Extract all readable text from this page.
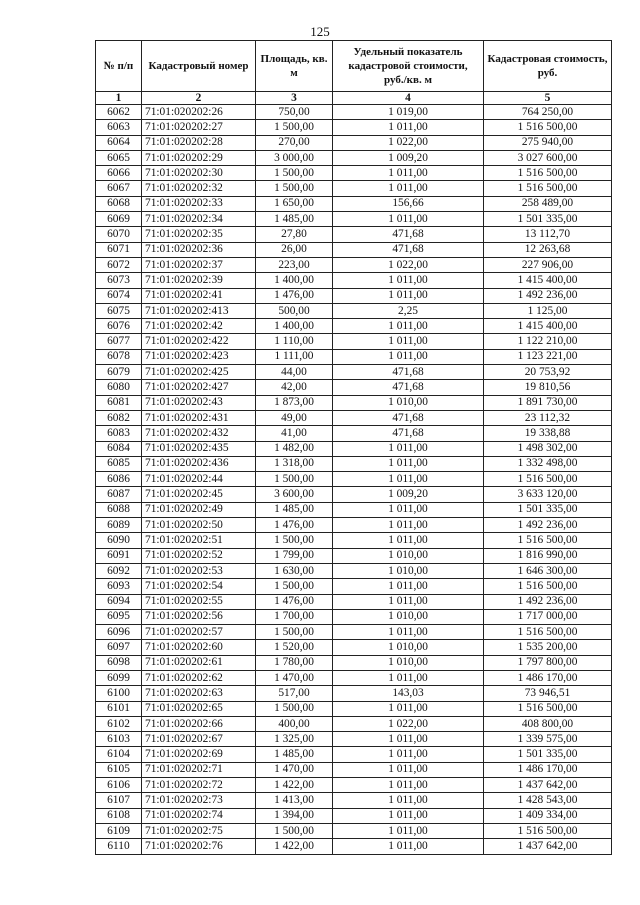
125
№ п/п	Кадастровый номер	Площадь, кв. м	Удельный показатель кадастровой стоимости, руб./кв. м	Кадастровая стоимость, руб.
1	2	3	4	5
6062	71:01:020202:26	750,00	1 019,00	764 250,00
6063	71:01:020202:27	1 500,00	1 011,00	1 516 500,00
6064	71:01:020202:28	270,00	1 022,00	275 940,00
6065	71:01:020202:29	3 000,00	1 009,20	3 027 600,00
6066	71:01:020202:30	1 500,00	1 011,00	1 516 500,00
6067	71:01:020202:32	1 500,00	1 011,00	1 516 500,00
6068	71:01:020202:33	1 650,00	156,66	258 489,00
6069	71:01:020202:34	1 485,00	1 011,00	1 501 335,00
6070	71:01:020202:35	27,80	471,68	13 112,70
6071	71:01:020202:36	26,00	471,68	12 263,68
6072	71:01:020202:37	223,00	1 022,00	227 906,00
6073	71:01:020202:39	1 400,00	1 011,00	1 415 400,00
6074	71:01:020202:41	1 476,00	1 011,00	1 492 236,00
6075	71:01:020202:413	500,00	2,25	1 125,00
6076	71:01:020202:42	1 400,00	1 011,00	1 415 400,00
6077	71:01:020202:422	1 110,00	1 011,00	1 122 210,00
6078	71:01:020202:423	1 111,00	1 011,00	1 123 221,00
6079	71:01:020202:425	44,00	471,68	20 753,92
6080	71:01:020202:427	42,00	471,68	19 810,56
6081	71:01:020202:43	1 873,00	1 010,00	1 891 730,00
6082	71:01:020202:431	49,00	471,68	23 112,32
6083	71:01:020202:432	41,00	471,68	19 338,88
6084	71:01:020202:435	1 482,00	1 011,00	1 498 302,00
6085	71:01:020202:436	1 318,00	1 011,00	1 332 498,00
6086	71:01:020202:44	1 500,00	1 011,00	1 516 500,00
6087	71:01:020202:45	3 600,00	1 009,20	3 633 120,00
6088	71:01:020202:49	1 485,00	1 011,00	1 501 335,00
6089	71:01:020202:50	1 476,00	1 011,00	1 492 236,00
6090	71:01:020202:51	1 500,00	1 011,00	1 516 500,00
6091	71:01:020202:52	1 799,00	1 010,00	1 816 990,00
6092	71:01:020202:53	1 630,00	1 010,00	1 646 300,00
6093	71:01:020202:54	1 500,00	1 011,00	1 516 500,00
6094	71:01:020202:55	1 476,00	1 011,00	1 492 236,00
6095	71:01:020202:56	1 700,00	1 010,00	1 717 000,00
6096	71:01:020202:57	1 500,00	1 011,00	1 516 500,00
6097	71:01:020202:60	1 520,00	1 010,00	1 535 200,00
6098	71:01:020202:61	1 780,00	1 010,00	1 797 800,00
6099	71:01:020202:62	1 470,00	1 011,00	1 486 170,00
6100	71:01:020202:63	517,00	143,03	73 946,51
6101	71:01:020202:65	1 500,00	1 011,00	1 516 500,00
6102	71:01:020202:66	400,00	1 022,00	408 800,00
6103	71:01:020202:67	1 325,00	1 011,00	1 339 575,00
6104	71:01:020202:69	1 485,00	1 011,00	1 501 335,00
6105	71:01:020202:71	1 470,00	1 011,00	1 486 170,00
6106	71:01:020202:72	1 422,00	1 011,00	1 437 642,00
6107	71:01:020202:73	1 413,00	1 011,00	1 428 543,00
6108	71:01:020202:74	1 394,00	1 011,00	1 409 334,00
6109	71:01:020202:75	1 500,00	1 011,00	1 516 500,00
6110	71:01:020202:76	1 422,00	1 011,00	1 437 642,00
